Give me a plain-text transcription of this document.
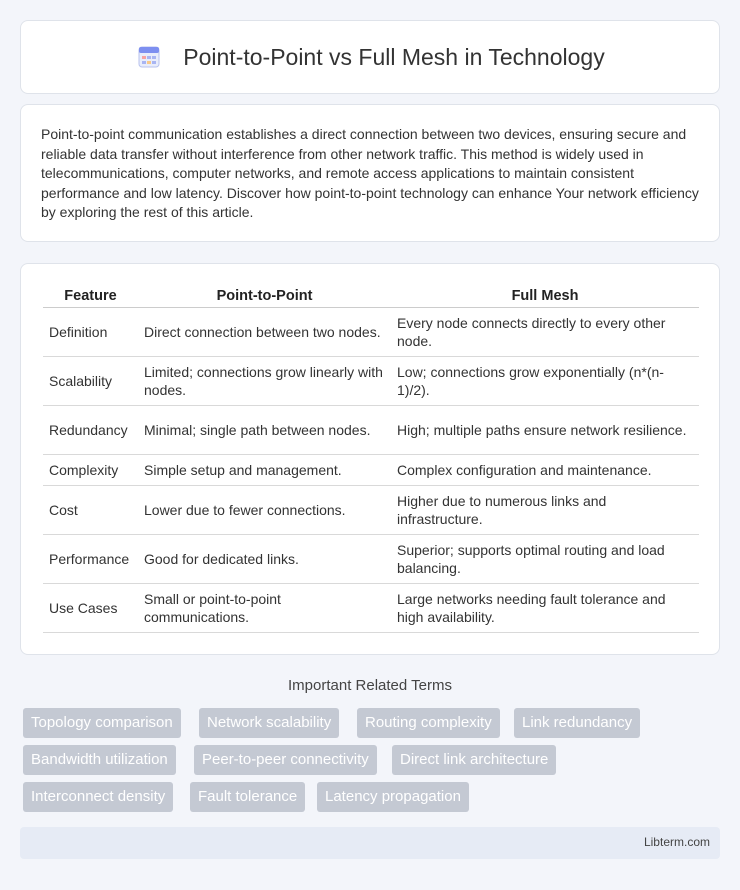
Point-to-Point vs Full Mesh in Technology

Point-to-point communication establishes a direct connection between two devices, ensuring secure and reliable data transfer without interference from other network traffic. This method is widely used in telecommunications, computer networks, and remote access applications to maintain consistent performance and low latency. Discover how point-to-point technology can enhance Your network efficiency by exploring the rest of this article.

Feature	Point-to-Point	Full Mesh
Definition	Direct connection between two nodes.	Every node connects directly to every other node.
Scalability	Limited; connections grow linearly with nodes.	Low; connections grow exponentially (n*(n-1)/2).
Redundancy	Minimal; single path between nodes.	High; multiple paths ensure network resilience.
Complexity	Simple setup and management.	Complex configuration and maintenance.
Cost	Lower due to fewer connections.	Higher due to numerous links and infrastructure.
Performance	Good for dedicated links.	Superior; supports optimal routing and load balancing.
Use Cases	Small or point-to-point communications.	Large networks needing fault tolerance and high availability.
Important Related Terms
Topology comparison	Network scalability	Routing complexity	Link redundancy
Bandwidth utilization	Peer-to-peer connectivity	Direct link architecture
Interconnect density	Fault tolerance	Latency propagation
Libterm.com
